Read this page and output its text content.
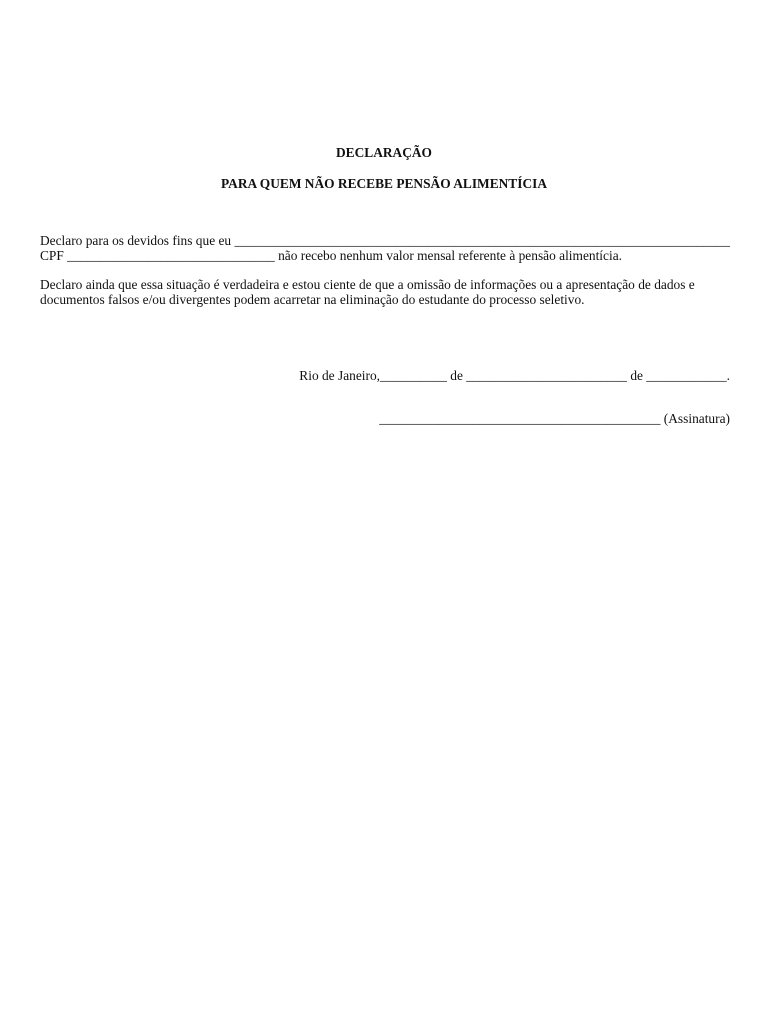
DECLARAÇÃO
PARA QUEM NÃO RECEBE PENSÃO ALIMENTÍCIA
Declaro para os devidos fins que eu __________________________________________________________________________
CPF _______________________________ não recebo nenhum valor mensal referente à pensão alimentícia.
Declaro ainda que essa situação é verdadeira e estou ciente de que a omissão de informações ou a apresentação de dados e
documentos falsos e/ou divergentes podem acarretar na eliminação do estudante do processo seletivo.
Rio de Janeiro,__________ de ________________________ de ____________.
__________________________________________ (Assinatura)
